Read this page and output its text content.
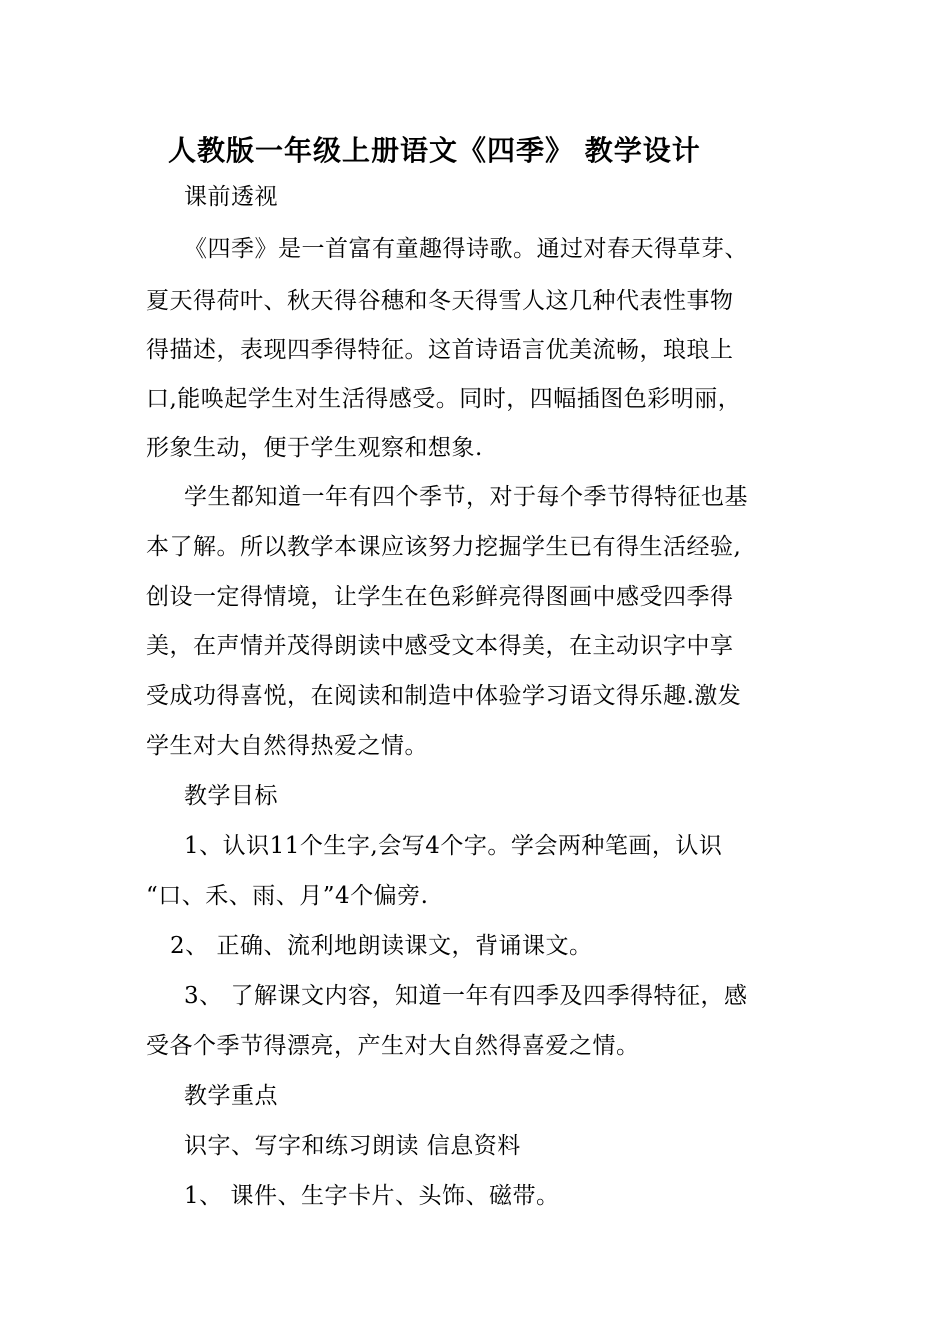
人教版一年级上册语文《四季》 教学设计
课前透视
《四季》是一首富有童趣得诗歌。通过对春天得草芽、
夏天得荷叶、秋天得谷穗和冬天得雪人这几种代表性事物
得描述，表现四季得特征。这首诗语言优美流畅，琅琅上
口,能唤起学生对生活得感受。同时，四幅插图色彩明丽，
形象生动，便于学生观察和想象.
学生都知道一年有四个季节，对于每个季节得特征也基
本了解。所以教学本课应该努力挖掘学生已有得生活经验,
创设一定得情境，让学生在色彩鲜亮得图画中感受四季得
美，在声情并茂得朗读中感受文本得美，在主动识字中享
受成功得喜悦，在阅读和制造中体验学习语文得乐趣.激发
学生对大自然得热爱之情。
教学目标
1、认识11个生字,会写4个字。学会两种笔画，认识
“口、禾、雨、月”4个偏旁.
2、 正确、流利地朗读课文，背诵课文。
3、 了解课文内容，知道一年有四季及四季得特征，感
受各个季节得漂亮，产生对大自然得喜爱之情。
教学重点
识字、写字和练习朗读 信息资料
1、 课件、生字卡片、头饰、磁带。
